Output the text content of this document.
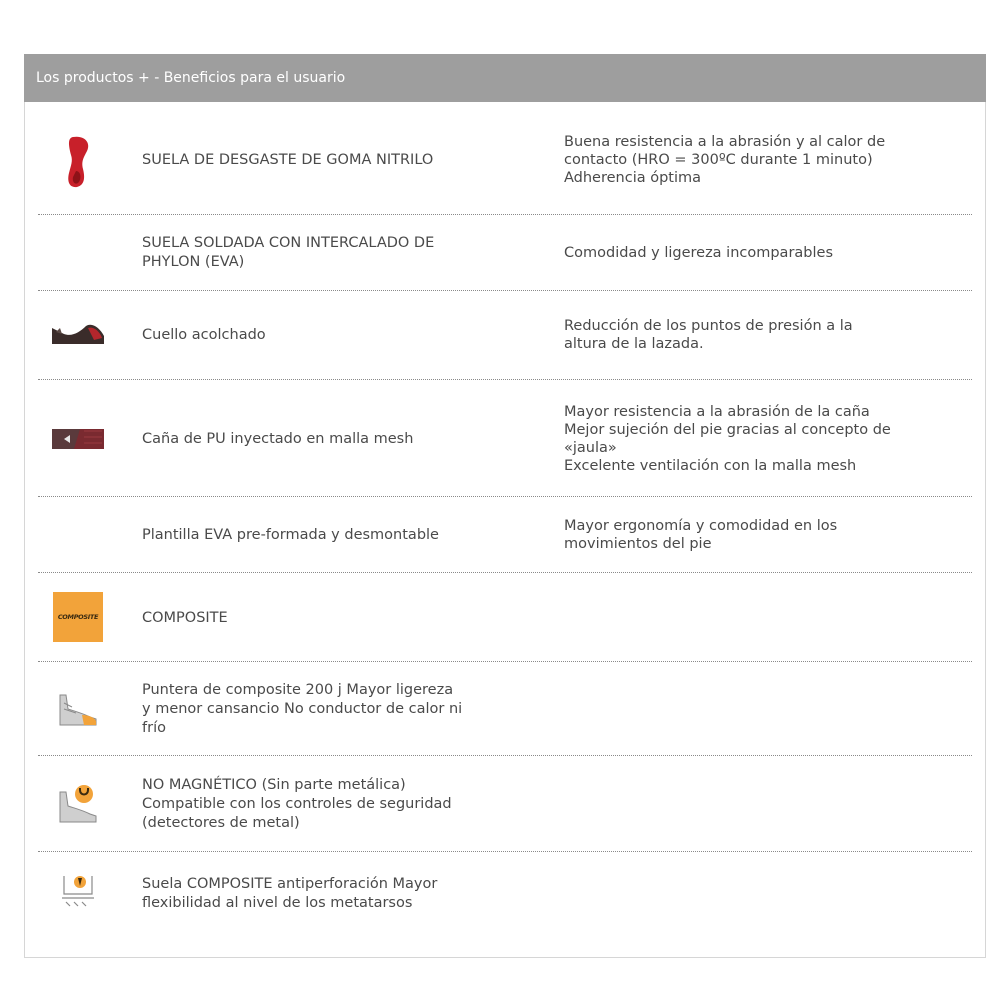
Los productos + - Beneficios para el usuario
SUELA DE DESGASTE DE GOMA NITRILO
Buena resistencia a la abrasión y al calor de
contacto (HRO = 300ºC durante 1 minuto)
Adherencia óptima
SUELA SOLDADA CON INTERCALADO DE
PHYLON (EVA)
Comodidad y ligereza incomparables
Cuello acolchado
Reducción de los puntos de presión a la
altura de la lazada.
Caña de PU inyectado en malla mesh
Mayor resistencia a la abrasión de la caña
Mejor sujeción del pie gracias al concepto de
«jaula»
Excelente ventilación con la malla mesh
Plantilla EVA pre-formada y desmontable
Mayor ergonomía y comodidad en los
movimientos del pie
COMPOSITE	COMPOSITE
Puntera de composite 200 j Mayor ligereza
y menor cansancio No conductor de calor ni
frío
NO MAGNÉTICO (Sin parte metálica)
Compatible con los controles de seguridad
(detectores de metal)
Suela COMPOSITE antiperforación Mayor
flexibilidad al nivel de los metatarsos
